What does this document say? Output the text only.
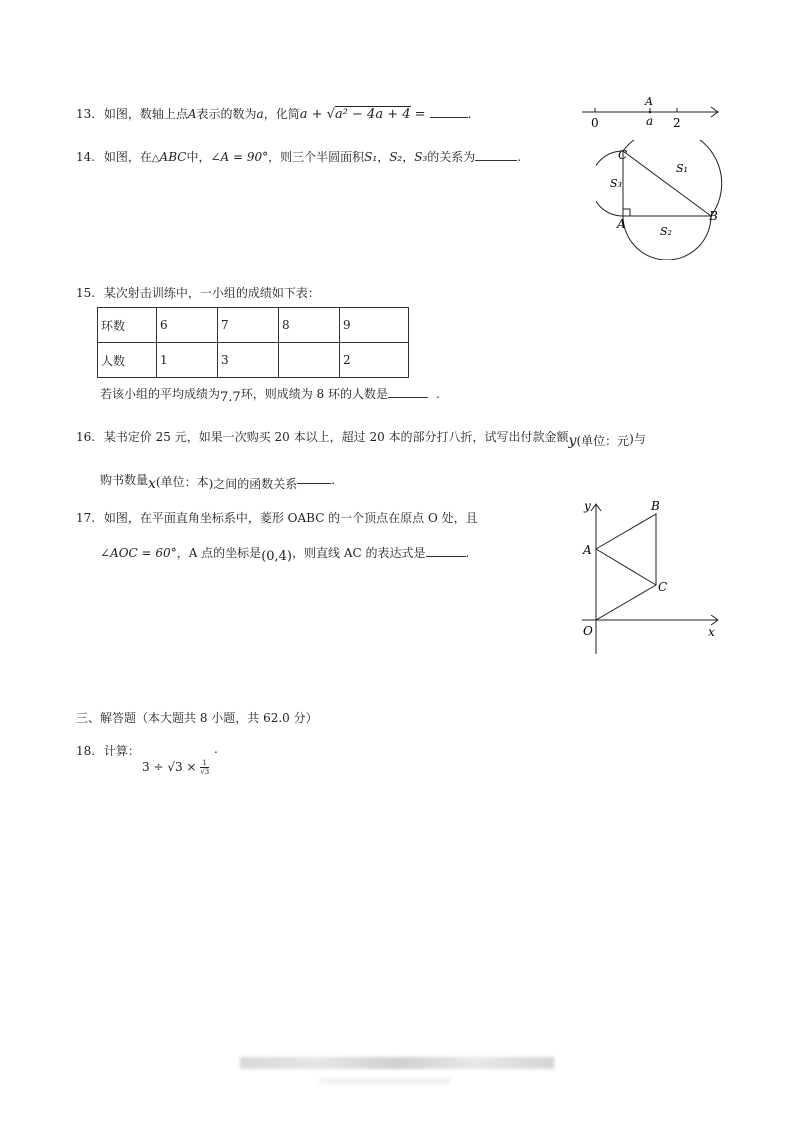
13. 如图，数轴上点A表示的数为a，化简a + √a² − 4a + 4 =	.
A
0	a 2
14. 如图，在△ABC中，∠A = 90°，则三个半圆面积S₁，S₂，S₃的关系为	.	C
B
A
S₁
S₂
S₃
15. 某次射击训练中，一小组的成绩如下表：
环数	6	7	8	9
人数	1	3		2
若该小组的平均成绩为7.7环，则成绩为 8 环的人数是	.
16. 某书定价 25 元，如果一次购买 20 本以上，超过 20 本的部分打八折，试写出付款金额y(单位：元)与
购书数量x(单位：本)之间的函数关系	.
17. 如图，在平面直角坐标系中，菱形 OABC 的一个顶点在原点 O 处，且
∠AOC = 60°，A 点的坐标是(0,4)，则直线 AC 的表达式是	.
y
x
O
A
B
C
三、解答题（本大题共 8 小题，共 62.0 分）
18. 计算：
$3 \div √3 \times \frac{1}{√3}$
.
